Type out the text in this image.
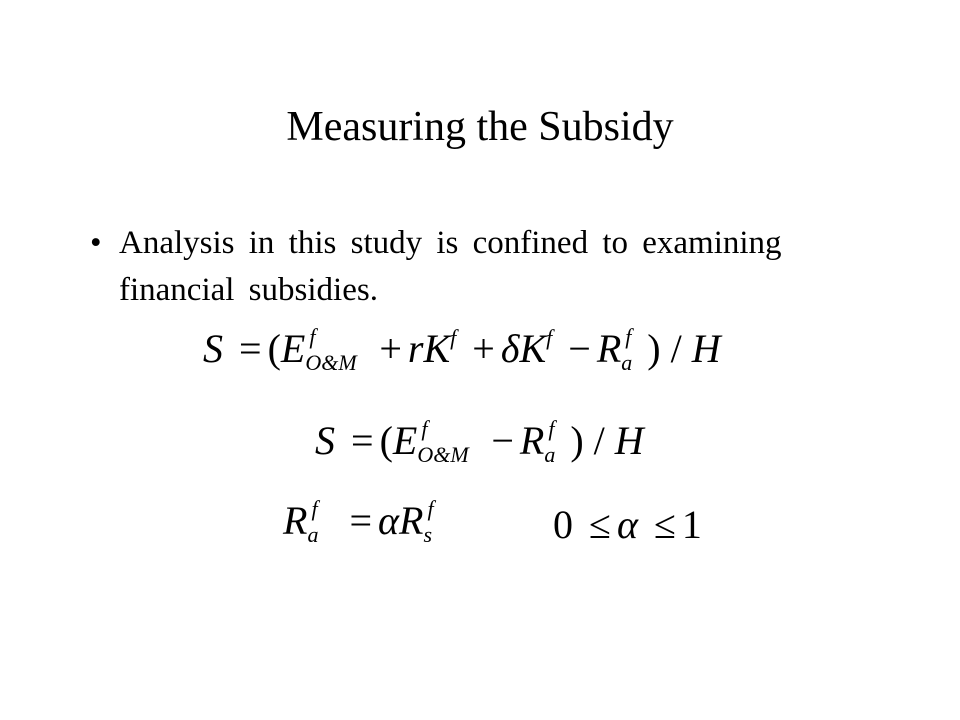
Measuring the Subsidy
• Analysis in this study is confined to examining financial subsidies.
S = (E f
O&M + $rK^f + \delta K^f - R$ f
a ) / H
S = (E f
O&M − R f
a ) / H
R f
a = αR f
s	0 ≤ α ≤ 1
